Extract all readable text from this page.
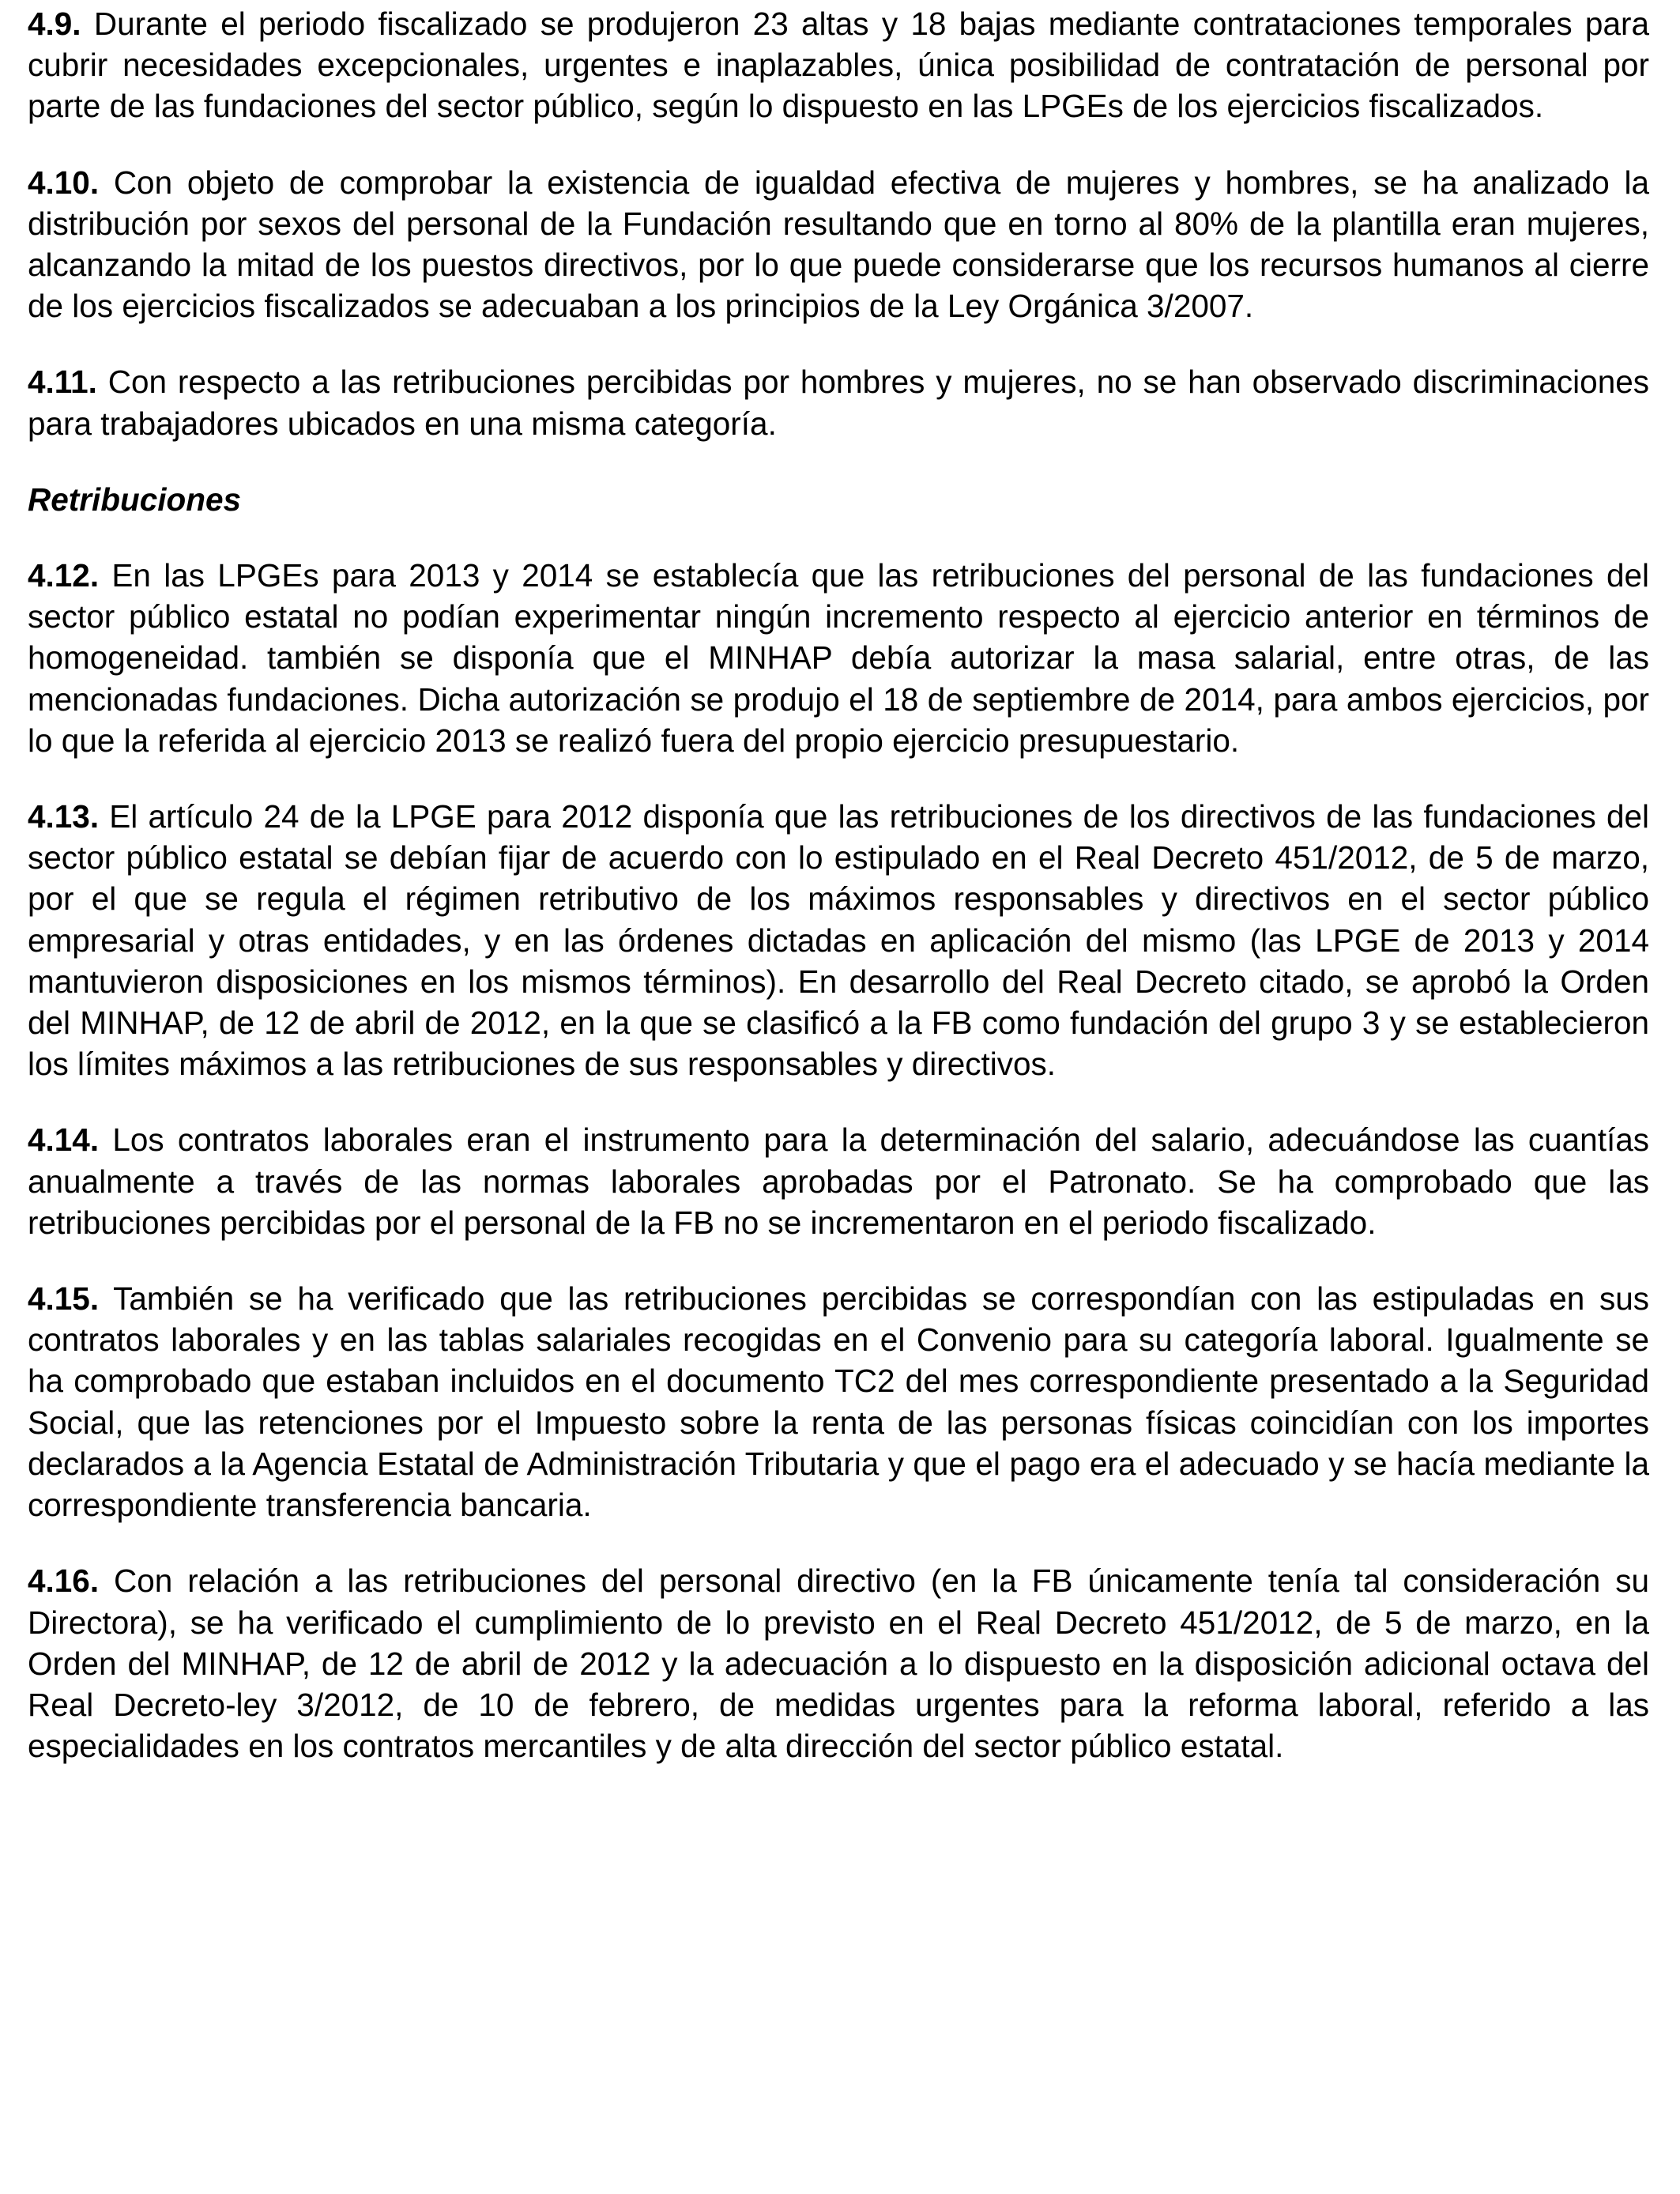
4.9. Durante el periodo fiscalizado se produjeron 23 altas y 18 bajas mediante contrataciones temporales para cubrir necesidades excepcionales, urgentes e inaplazables, única posibilidad de contratación de personal por parte de las fundaciones del sector público, según lo dispuesto en las LPGEs de los ejercicios fiscalizados.

4.10. Con objeto de comprobar la existencia de igualdad efectiva de mujeres y hombres, se ha analizado la distribución por sexos del personal de la Fundación resultando que en torno al 80% de la plantilla eran mujeres, alcanzando la mitad de los puestos directivos, por lo que puede considerarse que los recursos humanos al cierre de los ejercicios fiscalizados se adecuaban a los principios de la Ley Orgánica 3/2007.

4.11. Con respecto a las retribuciones percibidas por hombres y mujeres, no se han observado discriminaciones para trabajadores ubicados en una misma categoría.

Retribuciones

4.12. En las LPGEs para 2013 y 2014 se establecía que las retribuciones del personal de las fundaciones del sector público estatal no podían experimentar ningún incremento respecto al ejercicio anterior en términos de homogeneidad. también se disponía que el MINHAP debía autorizar la masa salarial, entre otras, de las mencionadas fundaciones. Dicha autorización se produjo el 18 de septiembre de 2014, para ambos ejercicios, por lo que la referida al ejercicio 2013 se realizó fuera del propio ejercicio presupuestario.

4.13. El artículo 24 de la LPGE para 2012 disponía que las retribuciones de los directivos de las fundaciones del sector público estatal se debían fijar de acuerdo con lo estipulado en el Real Decreto 451/2012, de 5 de marzo, por el que se regula el régimen retributivo de los máximos responsables y directivos en el sector público empresarial y otras entidades, y en las órdenes dictadas en aplicación del mismo (las LPGE de 2013 y 2014 mantuvieron disposiciones en los mismos términos). En desarrollo del Real Decreto citado, se aprobó la Orden del MINHAP, de 12 de abril de 2012, en la que se clasificó a la FB como fundación del grupo 3 y se establecieron los límites máximos a las retribuciones de sus responsables y directivos.

4.14. Los contratos laborales eran el instrumento para la determinación del salario, adecuándose las cuantías anualmente a través de las normas laborales aprobadas por el Patronato. Se ha comprobado que las retribuciones percibidas por el personal de la FB no se incrementaron en el periodo fiscalizado.

4.15. También se ha verificado que las retribuciones percibidas se correspondían con las estipuladas en sus contratos laborales y en las tablas salariales recogidas en el Convenio para su categoría laboral. Igualmente se ha comprobado que estaban incluidos en el documento TC2 del mes correspondiente presentado a la Seguridad Social, que las retenciones por el Impuesto sobre la renta de las personas físicas coincidían con los importes declarados a la Agencia Estatal de Administración Tributaria y que el pago era el adecuado y se hacía mediante la correspondiente transferencia bancaria.

4.16. Con relación a las retribuciones del personal directivo (en la FB únicamente tenía tal consideración su Directora), se ha verificado el cumplimiento de lo previsto en el Real Decreto 451/2012, de 5 de marzo, en la Orden del MINHAP, de 12 de abril de 2012 y la adecuación a lo dispuesto en la disposición adicional octava del Real Decreto-ley 3/2012, de 10 de febrero, de medidas urgentes para la reforma laboral, referido a las especialidades en los contratos mercantiles y de alta dirección del sector público estatal.
